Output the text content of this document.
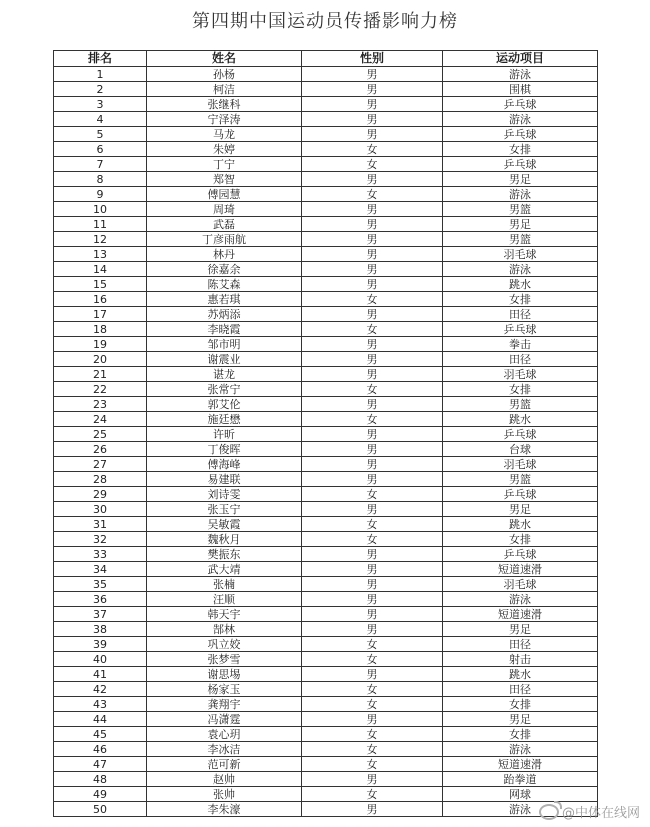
第四期中国运动员传播影响力榜
排名	姓名	性别	运动项目
1	孙杨	男	游泳
2	柯洁	男	围棋
3	张继科	男	乒乓球
4	宁泽涛	男	游泳
5	马龙	男	乒乓球
6	朱婷	女	女排
7	丁宁	女	乒乓球
8	郑智	男	男足
9	傅园慧	女	游泳
10	周琦	男	男篮
11	武磊	男	男足
12	丁彦雨航	男	男篮
13	林丹	男	羽毛球
14	徐嘉余	男	游泳
15	陈艾森	男	跳水
16	惠若琪	女	女排
17	苏炳添	男	田径
18	李晓霞	女	乒乓球
19	邹市明	男	拳击
20	谢震业	男	田径
21	谌龙	男	羽毛球
22	张常宁	女	女排
23	郭艾伦	男	男篮
24	施廷懋	女	跳水
25	许昕	男	乒乓球
26	丁俊晖	男	台球
27	傅海峰	男	羽毛球
28	易建联	男	男篮
29	刘诗雯	女	乒乓球
30	张玉宁	男	男足
31	吴敏霞	女	跳水
32	魏秋月	女	女排
33	樊振东	男	乒乓球
34	武大靖	男	短道速滑
35	张楠	男	羽毛球
36	汪顺	男	游泳
37	韩天宇	男	短道速滑
38	郜林	男	男足
39	巩立姣	女	田径
40	张梦雪	女	射击
41	谢思埸	男	跳水
42	杨家玉	女	田径
43	龚翔宇	女	女排
44	冯潇霆	男	男足
45	袁心玥	女	女排
46	李冰洁	女	游泳
47	范可新	女	短道速滑
48	赵帅	男	跆拳道
49	张帅	女	网球
50	李朱濠	男	游泳 @中体在线网
